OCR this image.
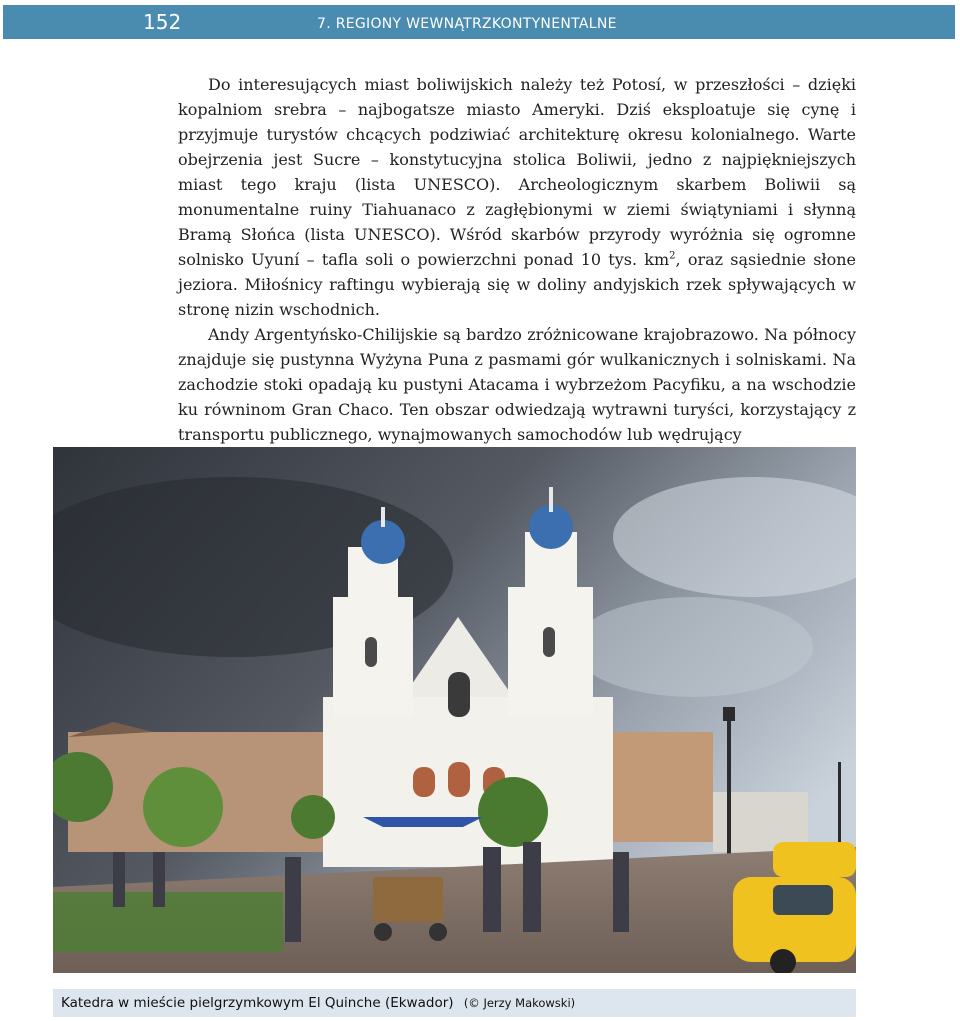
152	7. REGIONY WEWNĄTRZKONTYNENTALNE

Do interesujących miast boliwijskich należy też Potosí, w przeszłości – dzięki kopalniom srebra – najbogatsze miasto Ameryki. Dziś eksploatuje się cynę i przyjmuje turystów chcących podziwiać architekturę okresu kolonialnego. Warte obejrzenia jest Sucre – konstytucyjna stolica Boliwii, jedno z najpiękniejszych miast tego kraju (lista UNESCO). Archeologicznym skarbem Boliwii są monumentalne ruiny Tiahuanaco z zagłębionymi w ziemi świątyniami i słynną Bramą Słońca (lista UNESCO). Wśród skarbów przyrody wyróżnia się ogromne solnisko Uyuní – tafla soli o powierzchni ponad 10 tys. $km^2$, oraz sąsiednie słone jeziora. Miłośnicy raftingu wybierają się w doliny andyjskich rzek spływających w stronę nizin wschodnich.

Andy Argentyńsko-Chilijskie są bardzo zróżnicowane krajobrazowo. Na północy znajduje się pustynna Wyżyna Puna z pasmami gór wulkanicznych i solniskami. Na zachodzie stoki opadają ku pustyni Atacama i wybrzeżom Pacyfiku, a na wschodzie ku równinom Gran Chaco. Ten obszar odwiedzają wytrawni turyści, korzystający z transportu publicznego, wynajmowanych samochodów lub wędrujący

Katedra w mieście pielgrzymkowym El Quinche (Ekwador) (© Jerzy Makowski)
